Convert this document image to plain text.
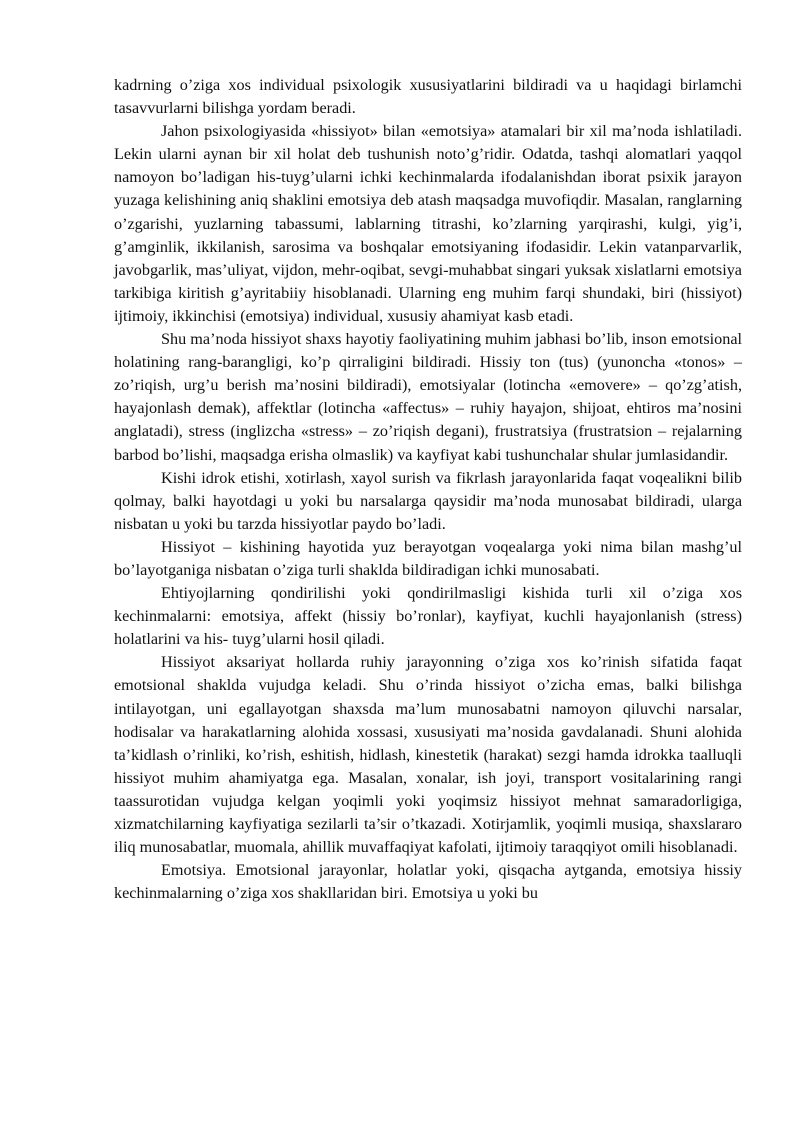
kadrning o’ziga xos individual psixologik xususiyatlarini bildiradi va u haqidagi birlamchi tasavvurlarni bilishga yordam beradi.

Jahon psixologiyasida «hissiyot» bilan «emotsiya» atamalari bir xil ma’noda ishlatiladi. Lekin ularni aynan bir xil holat deb tushunish noto’g’ridir. Odatda, tashqi alomatlari yaqqol namoyon bo’ladigan his-tuyg’ularni ichki kechinmalarda ifodalanishdan iborat psixik jarayon yuzaga kelishining aniq shaklini emotsiya deb atash maqsadga muvofiqdir. Masalan, ranglarning o’zgarishi, yuzlarning tabassumi, lablarning titrashi, ko’zlarning yarqirashi, kulgi, yig’i, g’amginlik, ikkilanish, sarosima va boshqalar emotsiyaning ifodasidir. Lekin vatanparvarlik, javobgarlik, mas’uliyat, vijdon, mehr-oqibat, sevgi-muhabbat singari yuksak xislatlarni emotsiya tarkibiga kiritish g’ayritabiiy hisoblanadi. Ularning eng muhim farqi shundaki, biri (hissiyot) ijtimoiy, ikkinchisi (emotsiya) individual, xususiy ahamiyat kasb etadi.

Shu ma’noda hissiyot shaxs hayotiy faoliyatining muhim jabhasi bo’lib, inson emotsional holatining rang-barangligi, ko’p qirraligini bildiradi. Hissiy ton (tus) (yunoncha «tonos» – zo’riqish, urg’u berish ma’nosini bildiradi), emotsiyalar (lotincha «emovere» – qo’zg’atish, hayajonlash demak), affektlar (lotincha «affectus» – ruhiy hayajon, shijoat, ehtiros ma’nosini anglatadi), stress (inglizcha «stress» – zo’riqish degani), frustratsiya (frustratsion – rejalarning barbod bo’lishi, maqsadga erisha olmaslik) va kayfiyat kabi tushunchalar shular jumlasidandir.

Kishi idrok etishi, xotirlash, xayol surish va fikrlash jarayonlarida faqat voqealikni bilib qolmay, balki hayotdagi u yoki bu narsalarga qaysidir ma’noda munosabat bildiradi, ularga nisbatan u yoki bu tarzda hissiyotlar paydo bo’ladi.

Hissiyot – kishining hayotida yuz berayotgan voqealarga yoki nima bilan mashg’ul bo’layotganiga nisbatan o’ziga turli shaklda bildiradigan ichki munosabati.

Ehtiyojlarning qondirilishi yoki qondirilmasligi kishida turli xil o’ziga xos kechinmalarni: emotsiya, affekt (hissiy bo’ronlar), kayfiyat, kuchli hayajonlanish (stress) holatlarini va his- tuyg’ularni hosil qiladi.

Hissiyot aksariyat hollarda ruhiy jarayonning o’ziga xos ko’rinish sifatida faqat emotsional shaklda vujudga keladi. Shu o’rinda hissiyot o’zicha emas, balki bilishga intilayotgan, uni egallayotgan shaxsda ma’lum munosabatni namoyon qiluvchi narsalar, hodisalar va harakatlarning alohida xossasi, xususiyati ma’nosida gavdalanadi. Shuni alohida ta’kidlash o’rinliki, ko’rish, eshitish, hidlash, kinestetik (harakat) sezgi hamda idrokka taalluqli hissiyot muhim ahamiyatga ega. Masalan, xonalar, ish joyi, transport vositalarining rangi taassurotidan vujudga kelgan yoqimli yoki yoqimsiz hissiyot mehnat samaradorligiga, xizmatchilarning kayfiyatiga sezilarli ta’sir o’tkazadi. Xotirjamlik, yoqimli musiqa, shaxslararo iliq munosabatlar, muomala, ahillik muvaffaqiyat kafolati, ijtimoiy taraqqiyot omili hisoblanadi.

Emotsiya. Emotsional jarayonlar, holatlar yoki, qisqacha aytganda, emotsiya hissiy kechinmalarning o’ziga xos shakllaridan biri. Emotsiya u yoki bu
